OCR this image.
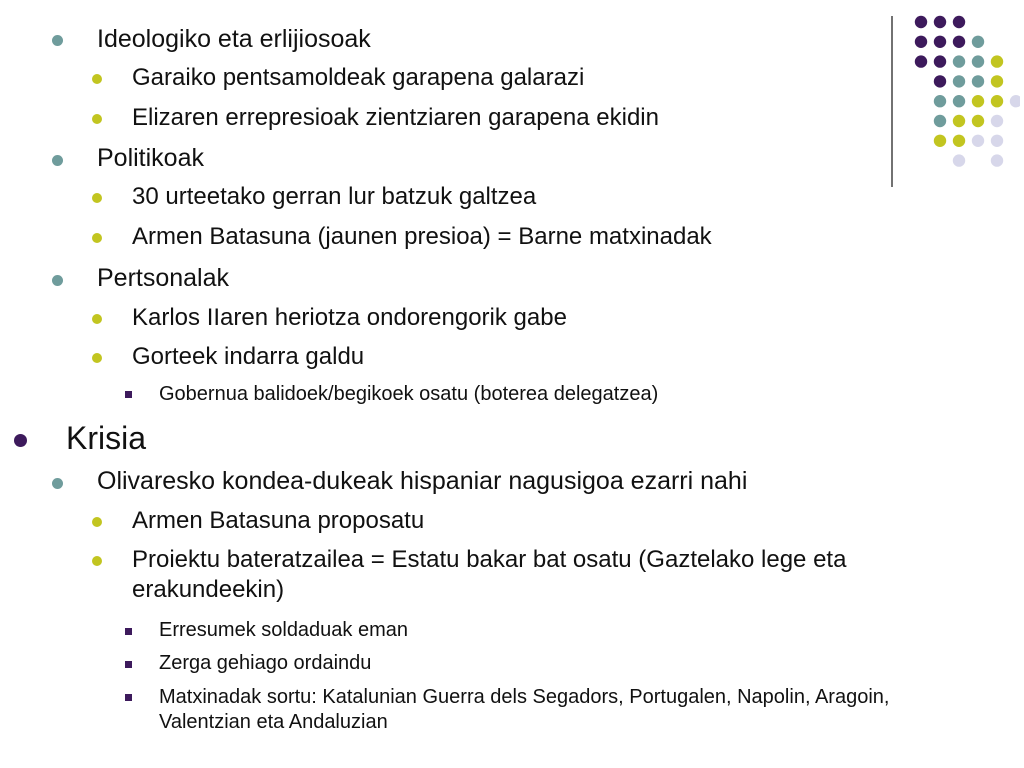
Ideologiko eta erlijiosoak
Garaiko pentsamoldeak garapena galarazi
Elizaren errepresioak zientziaren garapena ekidin
Politikoak
30 urteetako gerran lur batzuk galtzea
Armen Batasuna (jaunen presioa) = Barne matxinadak
Pertsonalak
Karlos IIaren heriotza ondorengorik gabe
Gorteek indarra galdu
Gobernua balidoek/begikoek osatu (boterea delegatzea)
Krisia
Olivaresko kondea-dukeak hispaniar nagusigoa ezarri nahi
Armen Batasuna proposatu
Proiektu bateratzailea = Estatu bakar bat osatu (Gaztelako lege eta erakundeekin)
Erresumek soldaduak eman
Zerga gehiago ordaindu
Matxinadak sortu: Katalunian Guerra dels Segadors, Portugalen, Napolin, Aragoin, Valentzian eta Andaluzian
